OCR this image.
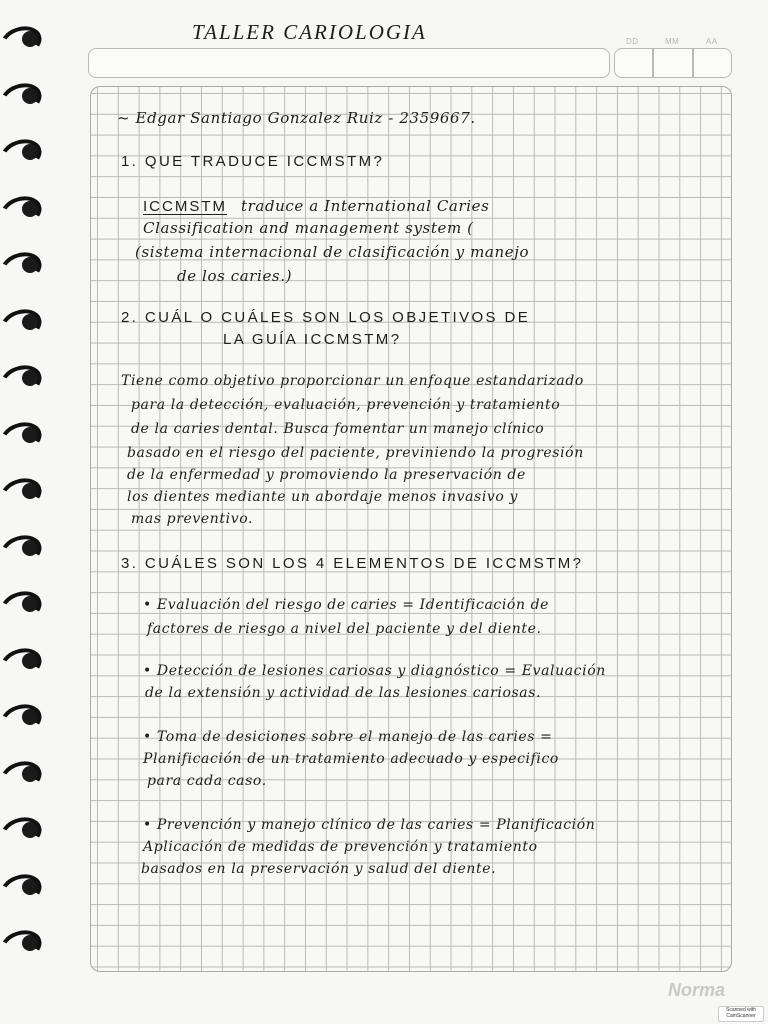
TALLER CARIOLOGIA	DD	MM	AA
~ Edgar Santiago Gonzalez Ruiz - 2359667.
1. QUE TRADUCE ICCMSTM?
ICCMSTM traduce a International Caries
Classification and management system (
(sistema internacional de clasificación y manejo
de los caries.)
2. CUÁL O CUÁLES SON LOS OBJETIVOS DE
LA GUÍA ICCMSTM?
Tiene como objetivo proporcionar un enfoque estandarizado
para la detección, evaluación, prevención y tratamiento
de la caries dental. Busca fomentar un manejo clínico
basado en el riesgo del paciente, previniendo la progresión
de la enfermedad y promoviendo la preservación de
los dientes mediante un abordaje menos invasivo y
mas preventivo.
3. CUÁLES SON LOS 4 ELEMENTOS DE ICCMSTM?
• Evaluación del riesgo de caries = Identificación de
factores de riesgo a nivel del paciente y del diente.
• Detección de lesiones cariosas y diagnóstico = Evaluación
de la extensión y actividad de las lesiones cariosas.
• Toma de desiciones sobre el manejo de las caries =
Planificación de un tratamiento adecuado y especifico
para cada caso.
• Prevención y manejo clínico de las caries = Planificación
Aplicación de medidas de prevención y tratamiento
basados en la preservación y salud del diente.
Norma
Scanned with CamScanner
